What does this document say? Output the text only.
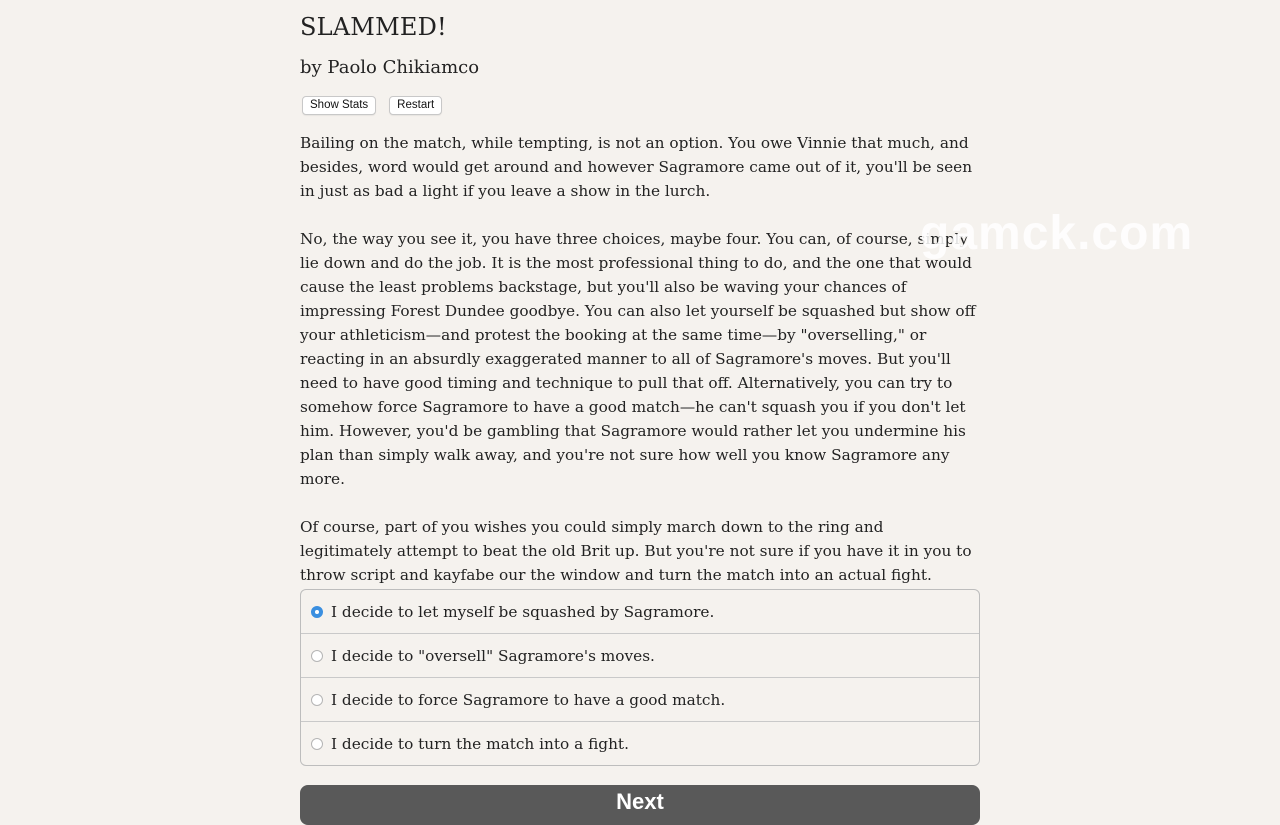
SLAMMED!
by Paolo Chikiamco
Show Stats	Restart

Bailing on the match, while tempting, is not an option. You owe Vinnie that much, and besides, word would get around and however Sagramore came out of it, you'll be seen in just as bad a light if you leave a show in the lurch.

No, the way you see it, you have three choices, maybe four. You can, of course, simply lie down and do the job. It is the most professional thing to do, and the one that would cause the least problems backstage, but you'll also be waving your chances of impressing Forest Dundee goodbye. You can also let yourself be squashed but show off your athleticism—and protest the booking at the same time—by "overselling," or reacting in an absurdly exaggerated manner to all of Sagramore's moves. But you'll need to have good timing and technique to pull that off. Alternatively, you can try to somehow force Sagramore to have a good match—he can't squash you if you don't let him. However, you'd be gambling that Sagramore would rather let you undermine his plan than simply walk away, and you're not sure how well you know Sagramore any more.

Of course, part of you wishes you could simply march down to the ring and legitimately attempt to beat the old Brit up. But you're not sure if you have it in you to throw script and kayfabe our the window and turn the match into an actual fight.

gamck.com
I decide to let myself be squashed by Sagramore.
I decide to "oversell" Sagramore's moves.
I decide to force Sagramore to have a good match.
I decide to turn the match into a fight.
Next
